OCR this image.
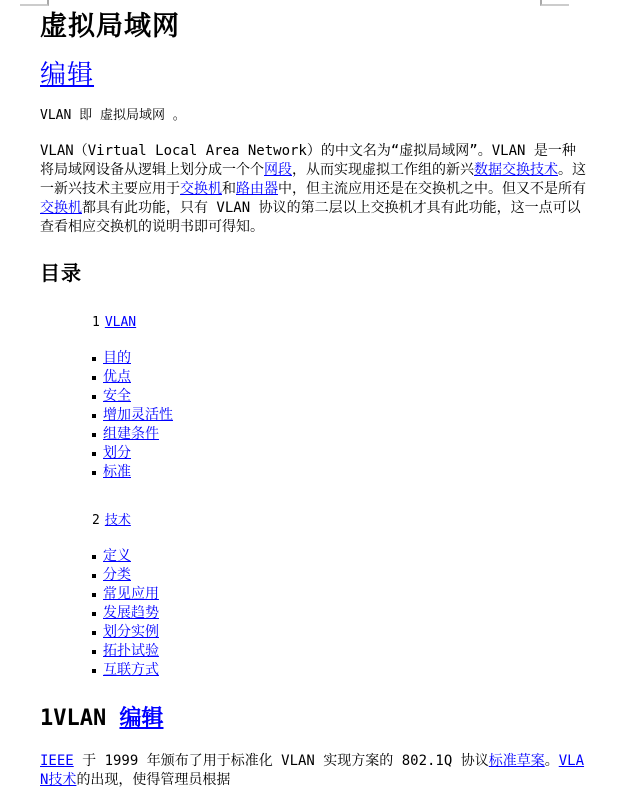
虚拟局域网
编辑

VLAN 即 虚拟局域网 。

VLAN（Virtual Local Area Network）的中文名为“虚拟局域网”。VLAN 是一种将局域网设备从逻辑上划分成一个个网段，从而实现虚拟工作组的新兴数据交换技术。这一新兴技术主要应用于交换机和路由器中，但主流应用还是在交换机之中。但又不是所有交换机都具有此功能，只有 VLAN 协议的第二层以上交换机才具有此功能，这一点可以查看相应交换机的说明书即可得知。

目录
1 VLAN
目的
优点
安全
增加灵活性
组建条件
划分
标准
2 技术
定义
分类
常见应用
发展趋势
划分实例
拓扑试验
互联方式
1VLAN 编辑

IEEE 于 1999 年颁布了用于标准化 VLAN 实现方案的 802.1Q 协议标准草案。VLAN技术的出现，使得管理员根据
